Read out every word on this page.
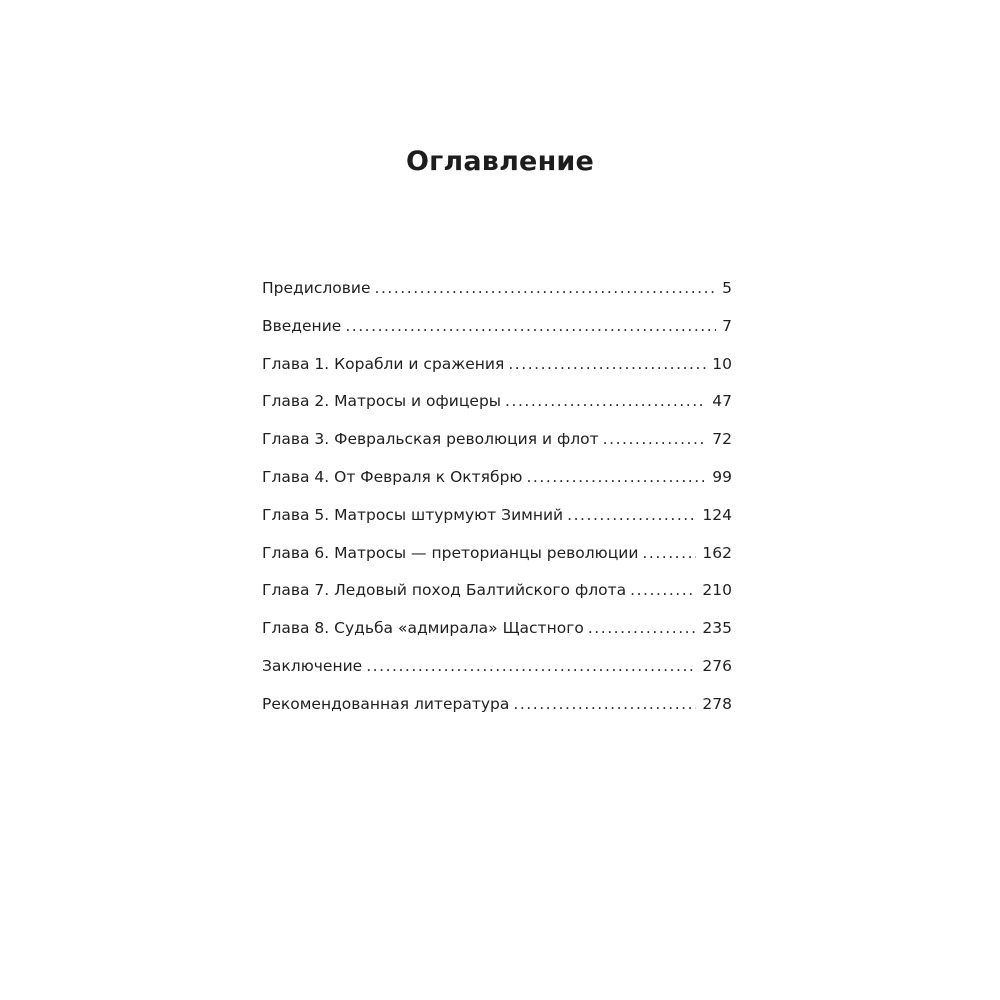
Оглавление
Предисловие . . .	5
Введение . . .	7
Глава 1. Корабли и сражения . . .	10
Глава 2. Матросы и офицеры . . .	47
Глава 3. Февральская революция и флот . . .	72
Глава 4. От Февраля к Октябрю . . .	99
Глава 5. Матросы штурмуют Зимний . . .	124
Глава 6. Матросы — преторианцы революции . . .	162
Глава 7. Ледовый поход Балтийского флота . . .	210
Глава 8. Судьба «адмирала» Щастного . . .	235
Заключение . . .	276
Рекомендованная литература . . .	278
